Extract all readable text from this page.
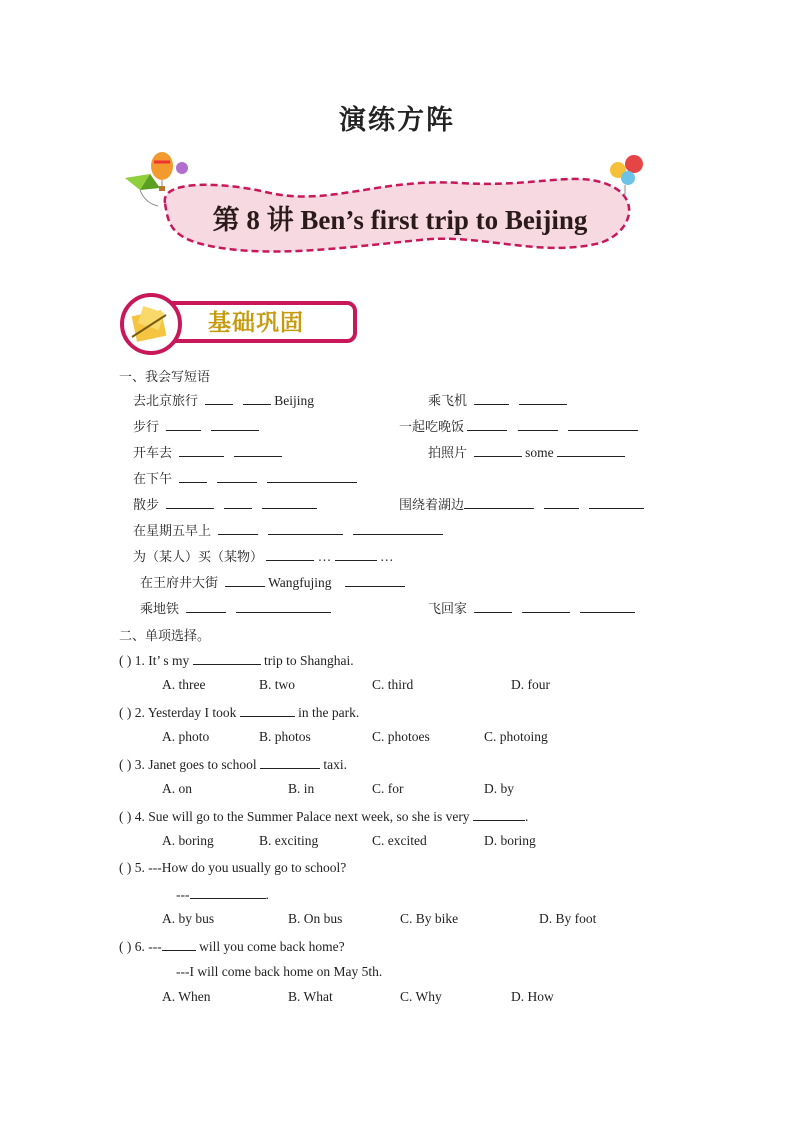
演练方阵
第 8 讲 Ben’s first trip to Beijing
基础巩固
一、我会写短语
去北京旅行	Beijing	乘飞机
步行	一起吃晚饭
开车去	拍照片	some
在下午
散步	围绕着湖边
在星期五早上
为（某人）买（某物）	…	…
在王府井大街	Wangfujing
乘地铁	飞回家
二、单项选择。
( ) 1. It’ s my	trip to Shanghai.
A. three	B. two	C. third	D. four
( ) 2. Yesterday I took	in the park.
A. photo	B. photos	C. photoes	C. photoing
( ) 3. Janet goes to school	taxi.
A. on	B. in	C. for	D. by
( ) 4. Sue will go to the Summer Palace next week, so she is very	.
A. boring	B. exciting	C. excited	D. boring
( ) 5. ---How do you usually go to school?
---	.
A. by bus	B. On bus	C. By bike	D. By foot
( ) 6. ---	will you come back home?
---I will come back home on May 5th.
A. When	B. What	C. Why	D. How
